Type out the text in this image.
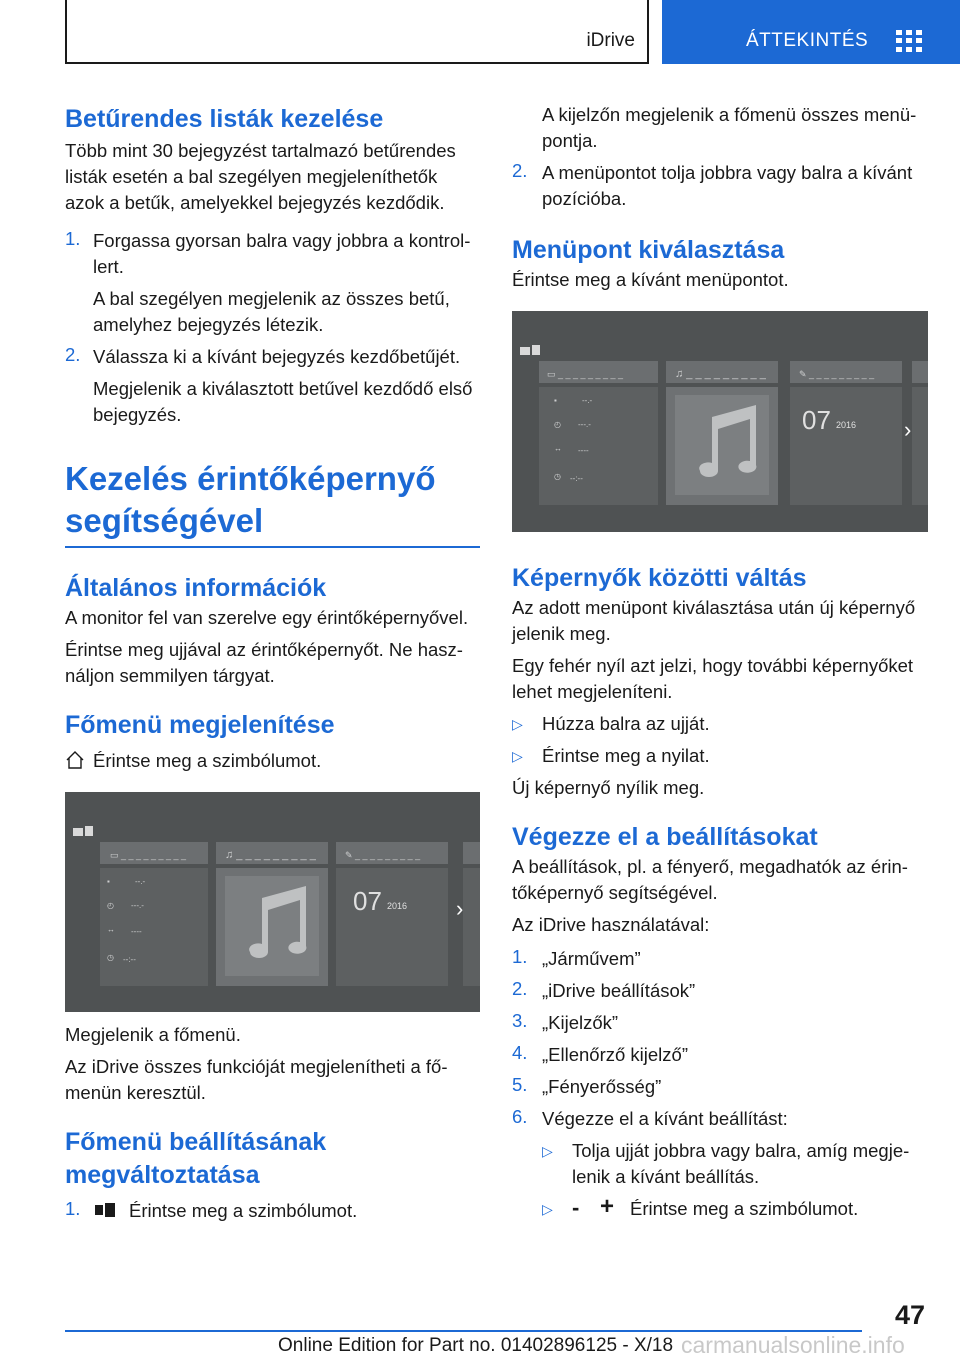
iDrive	ÁTTEKINTÉS
Betűrendes listák kezelése

Több mint 30 bejegyzést tartalmazó betűrendes listák esetén a bal szegélyen megjeleníthetők azok a betűk, amelyekkel bejegyzés kezdődik.

1. Forgassa gyorsan balra vagy jobbra a kontrol-lert.

A bal szegélyen megjelenik az összes betű, amelyhez bejegyzés létezik.

2. Válassza ki a kívánt bejegyzés kezdőbetűjét.

Megjelenik a kiválasztott betűvel kezdődő első bejegyzés.

Kezelés érintőképernyő segítségével
Általános információk

A monitor fel van szerelve egy érintőképernyővel.

Érintse meg ujjával az érintőképernyőt. Ne hasz-náljon semmilyen tárgyat.

Főmenü megjelenítése

Érintse meg a szimbólumot.

▭ _ _ _ _ _ _ _ _ _	♫ _ _ _ _ _ _ _ _ _	✎ _ _ _ _ _ _ _ _ _
▪	--.-
◴ ---.-
↔ ----
◷ --:--
07 2016 ›

Megjelenik a főmenü.

Az iDrive összes funkcióját megjelenítheti a fő-menün keresztül.

Főmenü beállításának megváltoztatása
1.	Érintse meg a szimbólumot.

A kijelzőn megjelenik a főmenü összes menü-pontja.

2. A menüpontot tolja jobbra vagy balra a kívánt pozícióba.

Menüpont kiválasztása

Érintse meg a kívánt menüpontot.

▭ _ _ _ _ _ _ _ _ _	♫ _ _ _ _ _ _ _ _ _	✎ _ _ _ _ _ _ _ _ _
▪	--.-
◴ ---.-
↔ ----
◷ --:--
07 2016 ›
Képernyők közötti váltás

Az adott menüpont kiválasztása után új képernyő jelenik meg.

Egy fehér nyíl azt jelzi, hogy további képernyőket lehet megjeleníteni.

▷ Húzza balra az ujját.

▷ Érintse meg a nyilat.

Új képernyő nyílik meg.

Végezze el a beállításokat

A beállítások, pl. a fényerő, megadhatók az érin-tőképernyő segítségével.

Az iDrive használatával:

1. „Járművem”

2. „iDrive beállítások”

3. „Kijelzők”

4. „Ellenőrző kijelző”

5. „Fényerősség”

6. Végezze el a kívánt beállítást:

▷ Tolja ujját jobbra vagy balra, amíg megje-lenik a kívánt beállítás.

▷ - + Érintse meg a szimbólumot.

47
Online Edition for Part no. 01402896125 - X/18 carmanualsonline.info
